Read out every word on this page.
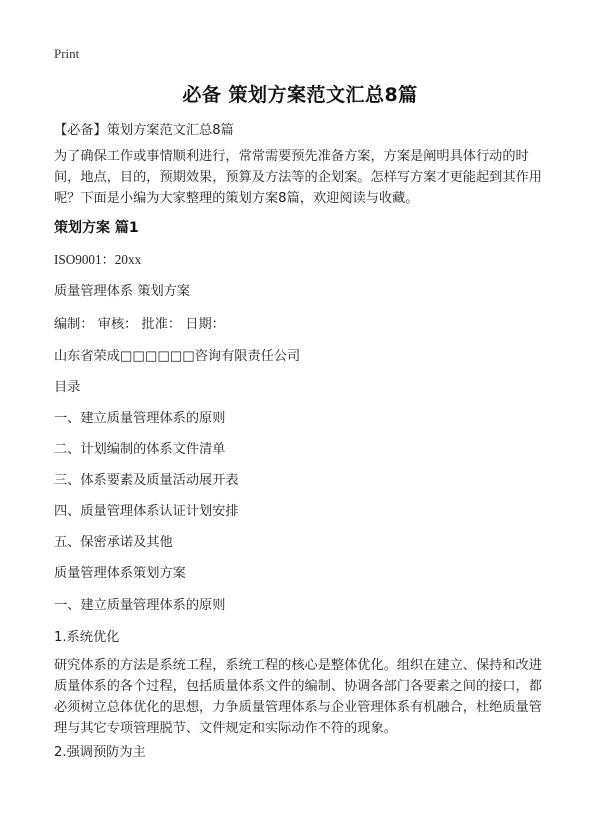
Print
必备 策划方案范文汇总8篇
【必备】策划方案范文汇总8篇
为了确保工作或事情顺利进行，常常需要预先准备方案，方案是阐明具体行动的时间，地点，目的，预期效果，预算及方法等的企划案。怎样写方案才更能起到其作用呢？下面是小编为大家整理的策划方案8篇，欢迎阅读与收藏。
策划方案 篇1
ISO9001：20xx
质量管理体系 策划方案
编制： 审核： 批准： 日期：
山东省荣成□□□□□□咨询有限责任公司
目录
一、建立质量管理体系的原则
二、计划编制的体系文件清单
三、体系要素及质量活动展开表
四、质量管理体系认证计划安排
五、保密承诺及其他
质量管理体系策划方案
一、建立质量管理体系的原则
1.系统优化
研究体系的方法是系统工程，系统工程的核心是整体优化。组织在建立、保持和改进质量体系的各个过程，包括质量体系文件的编制、协调各部门各要素之间的接口，都必须树立总体优化的思想，力争质量管理体系与企业管理体系有机融合，杜绝质量管理与其它专项管理脱节、文件规定和实际动作不符的现象。
2.强调预防为主
